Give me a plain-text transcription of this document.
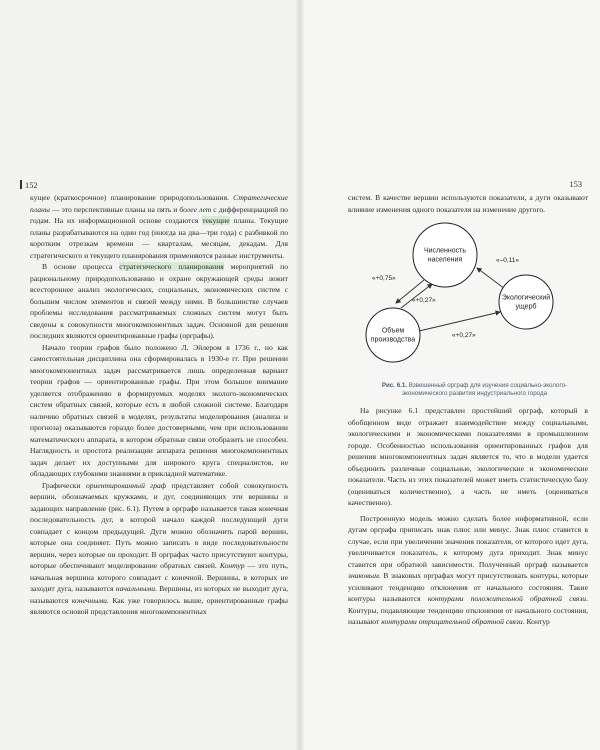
152

кущее (краткосрочное) планирование природопользования. Стратегические планы — это перспективные планы на пять и более лет с дифференциацией по годам. На их информационной основе создаются текущие планы. Текущие планы разрабатываются на один год (иногда на два—три года) с разбивкой по коротким отрезкам времени — кварталам, месяцам, декадам. Для стратегического и текущего планирования применяются разные инструменты.

В основе процесса стратегического планирования мероприятий по рациональному природопользованию и охране окружающей среды лежит всестороннее анализ экологических, социальных, экономических систем с большим числом элементов и связей между ними. В большинстве случаев проблемы исследования рассматриваемых сложных систем могут быть сведены к совокупности многокомпонентных задач. Основной для решения последних являются ориентированные графы (орграфы).

Начало теории графов было положено Л. Эйлером в 1736 г., но как самостоятельная дисциплина она сформировалась в 1930-е гг. При решении многокомпонентных задач рассматривается лишь определенная вариант теории графов — ориентированные графы. При этом большое внимание уделяется отображению в формируемых моделях эколого-экономических систем обратных связей, которые есть в любой сложной системе. Благодаря наличию обратных связей в моделях, результаты моделирования (анализа и прогноза) оказываются гораздо более достоверными, чем при использовании математического аппарата, в котором обратные связи отобразить не способен. Наглядность и простота реализации аппарата решения многокомпонентных задач делает их доступными для широкого круга специалистов, не обладающих глубокими знаниями в прикладной математике.

Графически ориентированный граф представляет собой совокупность вершин, обозначаемых кружками, и дуг, соединяющих эти вершины и задающих направление (рис. 6.1). Путем в орграфе называется такая конечная последовательность дуг, в которой начало каждой последующей дуги совпадает с концом предыдущей. Дуги можно обозначить парой вершин, которые она соединяет. Путь можно записать в виде последовательности вершин, через которые он проходит. В орграфах часто присутствуют контуры, которые обеспечивают моделирование обратных связей. Контур — это путь, начальная вершина которого совпадает с конечной. Вершины, в которых не заходит дуга, называются начальными. Вершины, из которых не выходит дуга, называются конечными. Как уже говорилось выше, ориентированные графы являются основой представления многокомпонентных

153

систем. В качестве вершин используются показатели, а дуги оказывают влияние изменения одного показателя на изменение другого.

Численность населения
Экологический ущерб
Объем производства
«+0,75»
«+0,27»
«–0,11»
«+0,27»
Рис. 6.1. Взвешенный орграф для изучения социально-эколого-экономического развития индустриального города

На рисунке 6.1 представлен простейший орграф, который в обобщенном виде отражает взаимодействие между социальными, экологическими и экономическими показателями в промышленном городе. Особенностью использования ориентированных графов для решения многокомпонентных задач является то, что в модели удается объединить различные социальные, экологические и экономические показатели. Часть из этих показателей может иметь статистическую базу (оцениваться количественно), а часть не иметь (оцениваться качественно).

Построенную модель можно сделать более информативной, если дугам орграфа приписать знак плюс или минус. Знак плюс ставится в случае, если при увеличении значения показателя, от которого идет дуга, увеличивается показатель, к которому дуга приходит. Знак минус ставится при обратной зависимости. Полученный орграф называется знаковым. В знаковых орграфах могут присутствовать контуры, которые усиливают тенденцию отклонения от начального состояния. Такие контуры называются контурами положительной обратной связи. Контуры, подавляющие тенденцию отклонения от начального состояния, называют контурами отрицательной обратной связи. Контур
